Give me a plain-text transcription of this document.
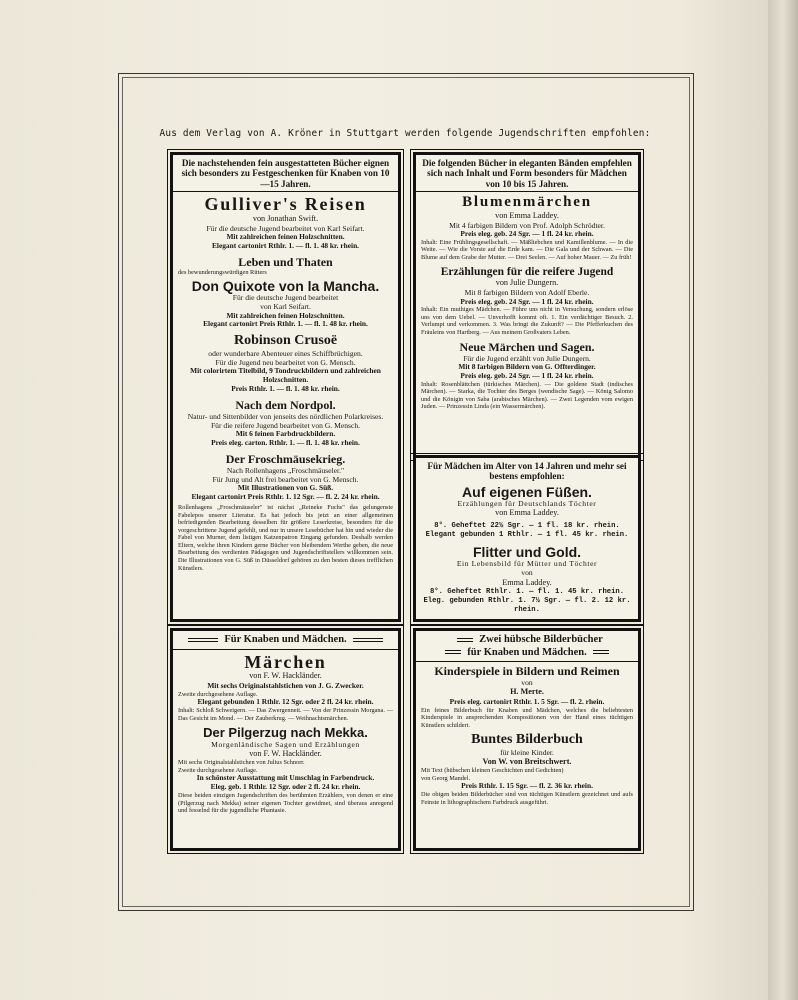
Aus dem Verlag von A. Kröner in Stuttgart werden folgende Jugendschriften empfohlen:
Die nachstehenden fein ausgestatteten Bücher eignen sich besonders zu Festgeschenken für Knaben von 10—15 Jahren.
Gulliver's Reisen
von Jonathan Swift.
Für die deutsche Jugend bearbeitet von Karl Seifart.
Mit zahlreichen feinen Holzschnitten.
Elegant cartonirt Rthlr. 1. — fl. 1. 48 kr. rhein.
Leben und Thaten
des bewunderungswürdigen Ritters
Don Quixote von la Mancha.
Für die deutsche Jugend bearbeitet
von Karl Seifart.
Mit zahlreichen feinen Holzschnitten.
Elegant cartonirt Preis Rthlr. 1. — fl. 1. 48 kr. rhein.
Robinson Crusoë
oder wunderbare Abenteuer eines Schiffbrüchigen.
Für die Jugend neu bearbeitet von G. Mensch.
Mit colorirtem Titelbild, 9 Tondruckbildern und zahlreichen Holzschnitten.
Preis Rthlr. 1. — fl. 1. 48 kr. rhein.
Nach dem Nordpol.
Natur- und Sittenbilder von jenseits des nördlichen Polarkreises.
Für die reifere Jugend bearbeitet von G. Mensch.
Mit 6 feinen Farbdruckbildern.
Preis eleg. carton. Rthlr. 1. — fl. 1. 48 kr. rhein.
Der Froschmäusekrieg.
Nach Rollenhagens „Froschmäuseler."
Für Jung und Alt frei bearbeitet von G. Mensch.
Mit Illustrationen von G. Süß.
Elegant cartonirt Preis Rthlr. 1. 12 Sgr. — fl. 2. 24 kr. rhein.
Rollenhagens „Froschmäuseler" ist nächst „Reineke Fuchs" das gelungenste Fabelepos unserer Literatur. Es hat jedoch bis jetzt an einer allgemeinen befriedigenden Bearbeitung desselben für größere Leserkreise, besonders für die vorgeschrittene Jugend gefehlt, und nur in unsere Lesebücher hat hin und wieder die Fabel von Murner, dem listigen Katzenpatron Eingang gefunden. Deshalb werden Eltern, welche ihren Kindern gerne Bücher von bleibendem Werthe geben, die neue Bearbeitung des verdienten Pädagogen und Jugendschriftstellers willkommen sein. Die Illustrationen von G. Süß in Düsseldorf gehören zu den besten dieses trefflichen Künstlers.
Die folgenden Bücher in eleganten Bänden empfehlen sich nach Inhalt und Form besonders für Mädchen von 10 bis 15 Jahren.
Blumenmärchen
von Emma Laddey.
Mit 4 farbigen Bildern von Prof. Adolph Schrödter.
Preis eleg. geb. 24 Sgr. — 1 fl. 24 kr. rhein.
Inhalt: Eine Frühlingsgesellschaft. — Mäßliebchen und Kamillenblume. — In die Weite. — Wie die Vorste auf die Erde kam. — Die Gala und der Schwan. — Die Blume auf dem Grabe der Mutter. — Drei Seelen. — Auf hoher Mauer. — Zu früh!
Erzählungen für die reifere Jugend
von Julie Dungern.
Mit 8 farbigen Bildern von Adolf Eberle.
Preis eleg. geb. 24 Sgr. — 1 fl. 24 kr. rhein.
Inhalt: Ein muthiges Mädchen. — Führe uns nicht in Versuchung, sondern erlöse uns von dem Uebel. — Unverhofft kommt oft. 1. Ein verdächtiger Besuch. 2. Verlumpt und verkommen. 3. Was bringt die Zukunft? — Die Pfefferkuchen des Fräuleins von Hartberg. — Aus meinem Großvaters Leben.
Neue Märchen und Sagen.
Für die Jugend erzählt von Julie Dungern.
Mit 8 farbigen Bildern von G. Offterdinger.
Preis eleg. geb. 24 Sgr. — 1 fl. 24 kr. rhein.
Inhalt: Rosenblättchen (türkisches Märchen). — Die goldene Stadt (indisches Märchen). — Starka, die Tochter des Berges (wendische Sage). — König Salomo und die Königin von Saba (arabisches Märchen). — Zwei Legenden vom ewigen Juden. — Prinzessin Linda (ein Wassermärchen).
Für Mädchen im Alter von 14 Jahren und mehr sei bestens empfohlen:
Auf eigenen Füßen.
Erzählungen für Deutschlands Töchter
von Emma Laddey.
8°. Geheftet 22½ Sgr. — 1 fl. 18 kr. rhein.
Elegant gebunden 1 Rthlr. — 1 fl. 45 kr. rhein.
Flitter und Gold.
Ein Lebensbild für Mütter und Töchter
von
Emma Laddey.
8°. Geheftet Rthlr. 1. — fl. 1. 45 kr. rhein.
Eleg. gebunden Rthlr. 1. 7½ Sgr. — fl. 2. 12 kr. rhein.
Für Knaben und Mädchen.
Märchen
von F. W. Hackländer.
Mit sechs Originalstahlstichen von J. G. Zwecker.
Zweite durchgesehene Auflage.
Elegant gebunden 1 Rthlr. 12 Sgr. oder 2 fl. 24 kr. rhein.
Inhalt: Schloß Schweigern. — Das Zwergenneit. — Von der Prinzessin Morgana. — Das Gesicht im Mond. — Der Zauberkrug. — Weihnachtsmärchen.
Der Pilgerzug nach Mekka.
Morgenländische Sagen und Erzählungen
von F. W. Hackländer.
Mit sechs Originalstahlstichen von Julius Schnorr.
Zweite durchgesehene Auflage.
In schönster Ausstattung mit Umschlag in Farbendruck.
Eleg. geb. 1 Rthlr. 12 Sgr. oder 2 fl. 24 kr. rhein.
Diese beiden einzigen Jugendschriften des berühmten Erzählers, von denen er eine (Pilgerzug nach Mekka) seiner eigenen Tochter gewidmet, sind überaus anregend und fesselnd für die jugendliche Phantasie.
Zwei hübsche Bilderbücher
für Knaben und Mädchen.
Kinderspiele in Bildern und Reimen
von
H. Merte.
Preis eleg. cartonirt Rthlr. 1. 5 Sgr. — fl. 2. rhein.
Ein feines Bilderbuch für Knaben und Mädchen, welches die beliebtesten Kinderspiele in ansprechenden Kompositionen von der Hand eines tüchtigen Künstlers schildert.
Buntes Bilderbuch
für kleine Kinder.
Von W. von Breitschwert.
Mit Text (hübschen kleinen Geschichten und Gedichten)
von Georg Mandel.
Preis Rthlr. 1. 15 Sgr. — fl. 2. 36 kr. rhein.
Die obigen beiden Bilderbücher sind von tüchtigen Künstlern gezeichnet und aufs Feinste in lithographischem Farbdruck ausgeführt.
